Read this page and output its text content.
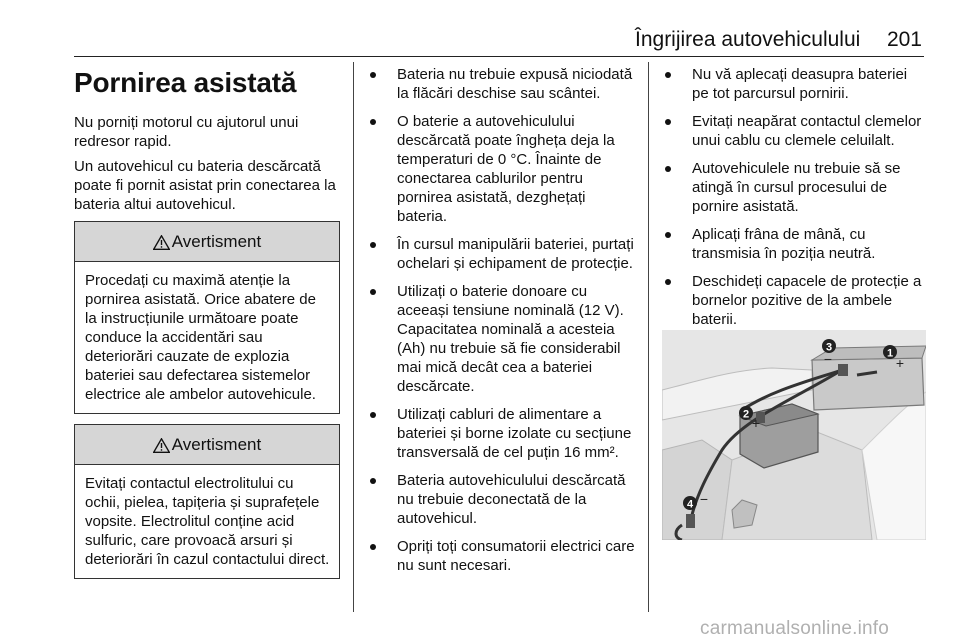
Îngrijirea autovehiculului 201
Pornirea asistată

Nu porniți motorul cu ajutorul unui redresor rapid.

Un autovehicul cu bateria descărcată poate fi pornit asistat prin conectarea la bateria altui autovehicul.

Avertisment
Procedați cu maximă atenție la pornirea asistată. Orice abatere de la instrucțiunile următoare poate conduce la accidentări sau deteriorări cauzate de explozia bateriei sau defectarea sistemelor electrice ale ambelor autovehicule.
Avertisment
Evitați contactul electrolitului cu ochii, pielea, tapițeria și suprafețele vopsite. Electrolitul conține acid sulfuric, care provoacă arsuri și deteriorări în cazul contactului direct.
Bateria nu trebuie expusă niciodată la flăcări deschise sau scântei.
O baterie a autovehiculului descărcată poate îngheța deja la temperaturi de 0 °C. Înainte de conectarea cablurilor pentru pornirea asistată, dezghețați bateria.
În cursul manipulării bateriei, purtați ochelari și echipament de protecție.
Utilizați o baterie donoare cu aceeași tensiune nominală (12 V). Capacitatea nominală a acesteia (Ah) nu trebuie să fie considerabil mai mică decât cea a bateriei descărcate.
Utilizați cabluri de alimentare a bateriei și borne izolate cu secțiune transversală de cel puțin 16 mm².
Bateria autovehiculului descărcată nu trebuie deconectată de la autovehicul.
Opriți toți consumatorii electrici care nu sunt necesari.
Nu vă aplecați deasupra bateriei pe tot parcursul pornirii.
Evitați neapărat contactul clemelor unui cablu cu clemele celuilalt.
Autovehiculele nu trebuie să se atingă în cursul procesului de pornire asistată.
Aplicați frâna de mână, cu transmisia în poziția neutră.
Deschideți capacele de protecție a bornelor pozitive de la ambele baterii.
1
+
2
+
3
−
4 −
carmanualsonline.info
